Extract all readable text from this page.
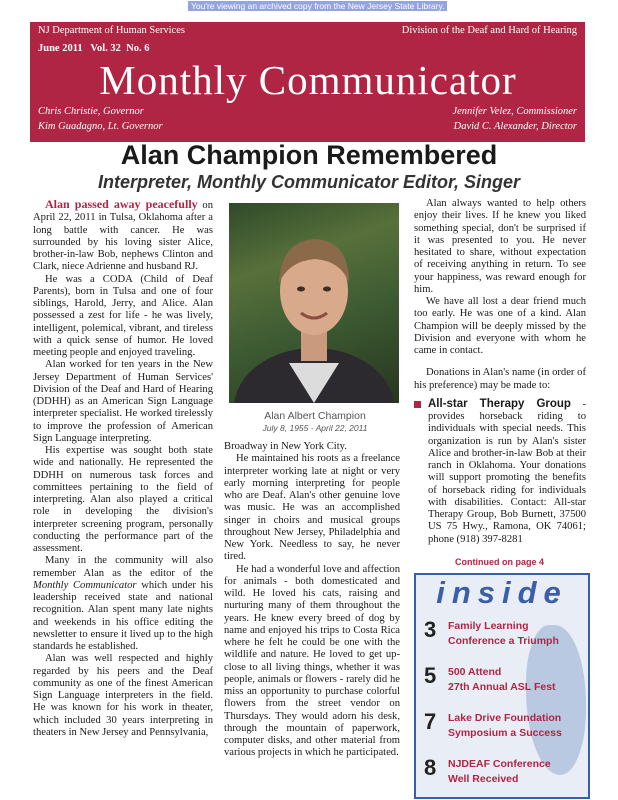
NJ Department of Human Services	Division of the Deaf and Hard of Hearing
June 2011   Vol. 32  No. 6
Monthly Communicator
Chris Christie, Governor	Jennifer Velez, Commissioner
Kim Guadagno, Lt. Governor	David C. Alexander, Director
You're viewing an archived copy from the New Jersey State Library.
Alan Champion Remembered
Interpreter, Monthly Communicator Editor, Singer

Alan passed away peacefully on April 22, 2011 in Tulsa, Oklahoma after a long battle with cancer. He was surrounded by his loving sister Alice, brother-in-law Bob, nephews Clinton and Clark, niece Adrienne and husband RJ.

He was a CODA (Child of Deaf Parents), born in Tulsa and one of four siblings, Harold, Jerry, and Alice. Alan possessed a zest for life - he was lively, intelligent, polemical, vibrant, and tireless with a quick sense of humor. He loved meeting people and enjoyed traveling.

Alan worked for ten years in the New Jersey Department of Human Services' Division of the Deaf and Hard of Hearing (DDHH) as an American Sign Language interpreter specialist. He worked tirelessly to improve the profession of American Sign Language interpreting.

His expertise was sought both state wide and nationally. He represented the DDHH on numerous task forces and committees pertaining to the field of interpreting. Alan also played a critical role in developing the division's interpreter screening program, personally conducting the performance part of the assessment.

Many in the community will also remember Alan as the editor of the Monthly Communicator which under his leadership received state and national recognition. Alan spent many late nights and weekends in his office editing the newsletter to ensure it lived up to the high standards he established.

Alan was well respected and highly regarded by his peers and the Deaf community as one of the finest American Sign Language interpreters in the field. He was known for his work in theater, which included 30 years interpreting in theaters in New Jersey and Pennsylvania,

Alan Albert Champion
July 8, 1955 - April 22, 2011

Broadway in New York City.

He maintained his roots as a freelance interpreter working late at night or very early morning interpreting for people who are Deaf. Alan's other genuine love was music. He was an accomplished singer in choirs and musical groups throughout New Jersey, Philadelphia and New York. Needless to say, he never tired.

He had a wonderful love and affection for animals - both domesticated and wild. He loved his cats, raising and nurturing many of them throughout the years. He knew every breed of dog by name and enjoyed his trips to Costa Rica where he felt he could be one with the wildlife and nature. He loved to get up-close to all living things, whether it was people, animals or flowers - rarely did he miss an opportunity to purchase colorful flowers from the street vendor on Thursdays. They would adorn his desk, through the mountain of paperwork, computer disks, and other material from various projects in which he participated.

Alan always wanted to help others enjoy their lives. If he knew you liked something special, don't be surprised if it was presented to you. He never hesitated to share, without expectation of receiving anything in return. To see your happiness, was reward enough for him.

We have all lost a dear friend much too early. He was one of a kind. Alan Champion will be deeply missed by the Division and everyone with whom he came in contact.

Donations in Alan's name (in order of his preference) may be made to:

All-star Therapy Group - provides horseback riding to individuals with special needs. This organization is run by Alan's sister Alice and brother-in-law Bob at their ranch in Oklahoma. Your donations will support promoting the benefits of horseback riding for individuals with disabilities. Contact: All-star Therapy Group, Bob Burnett, 37500 US 75 Hwy., Ramona, OK 74061; phone (918) 397-8281
Continued on page 4
inside
3 Family Learning
Conference a Triumph
5 500 Attend
27th Annual ASL Fest
7 Lake Drive Foundation
Symposium a Success
8 NJDEAF Conference
Well Received
